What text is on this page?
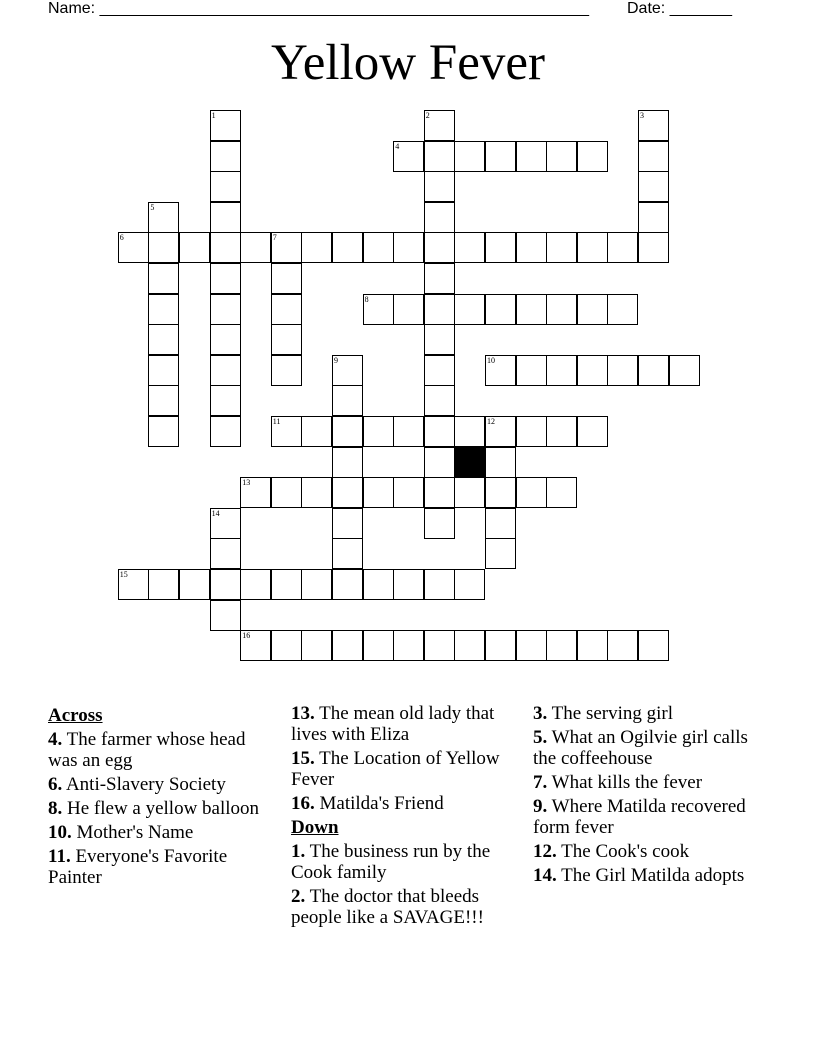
Name: _______________________________________________________ Date: _______
Yellow Fever
1	2	3
4
5
6	7
8
9	10
11	12
13
14
15
16
Across
4. The farmer whose head was an egg
6. Anti-Slavery Society
8. He flew a yellow balloon
10. Mother's Name
11. Everyone's Favorite Painter
13. The mean old lady that lives with Eliza
15. The Location of Yellow Fever
16. Matilda's Friend
Down
1. The business run by the Cook family
2. The doctor that bleeds people like a SAVAGE!!!
3. The serving girl
5. What an Ogilvie girl calls the coffeehouse
7. What kills the fever
9. Where Matilda recovered form fever
12. The Cook's cook
14. The Girl Matilda adopts
